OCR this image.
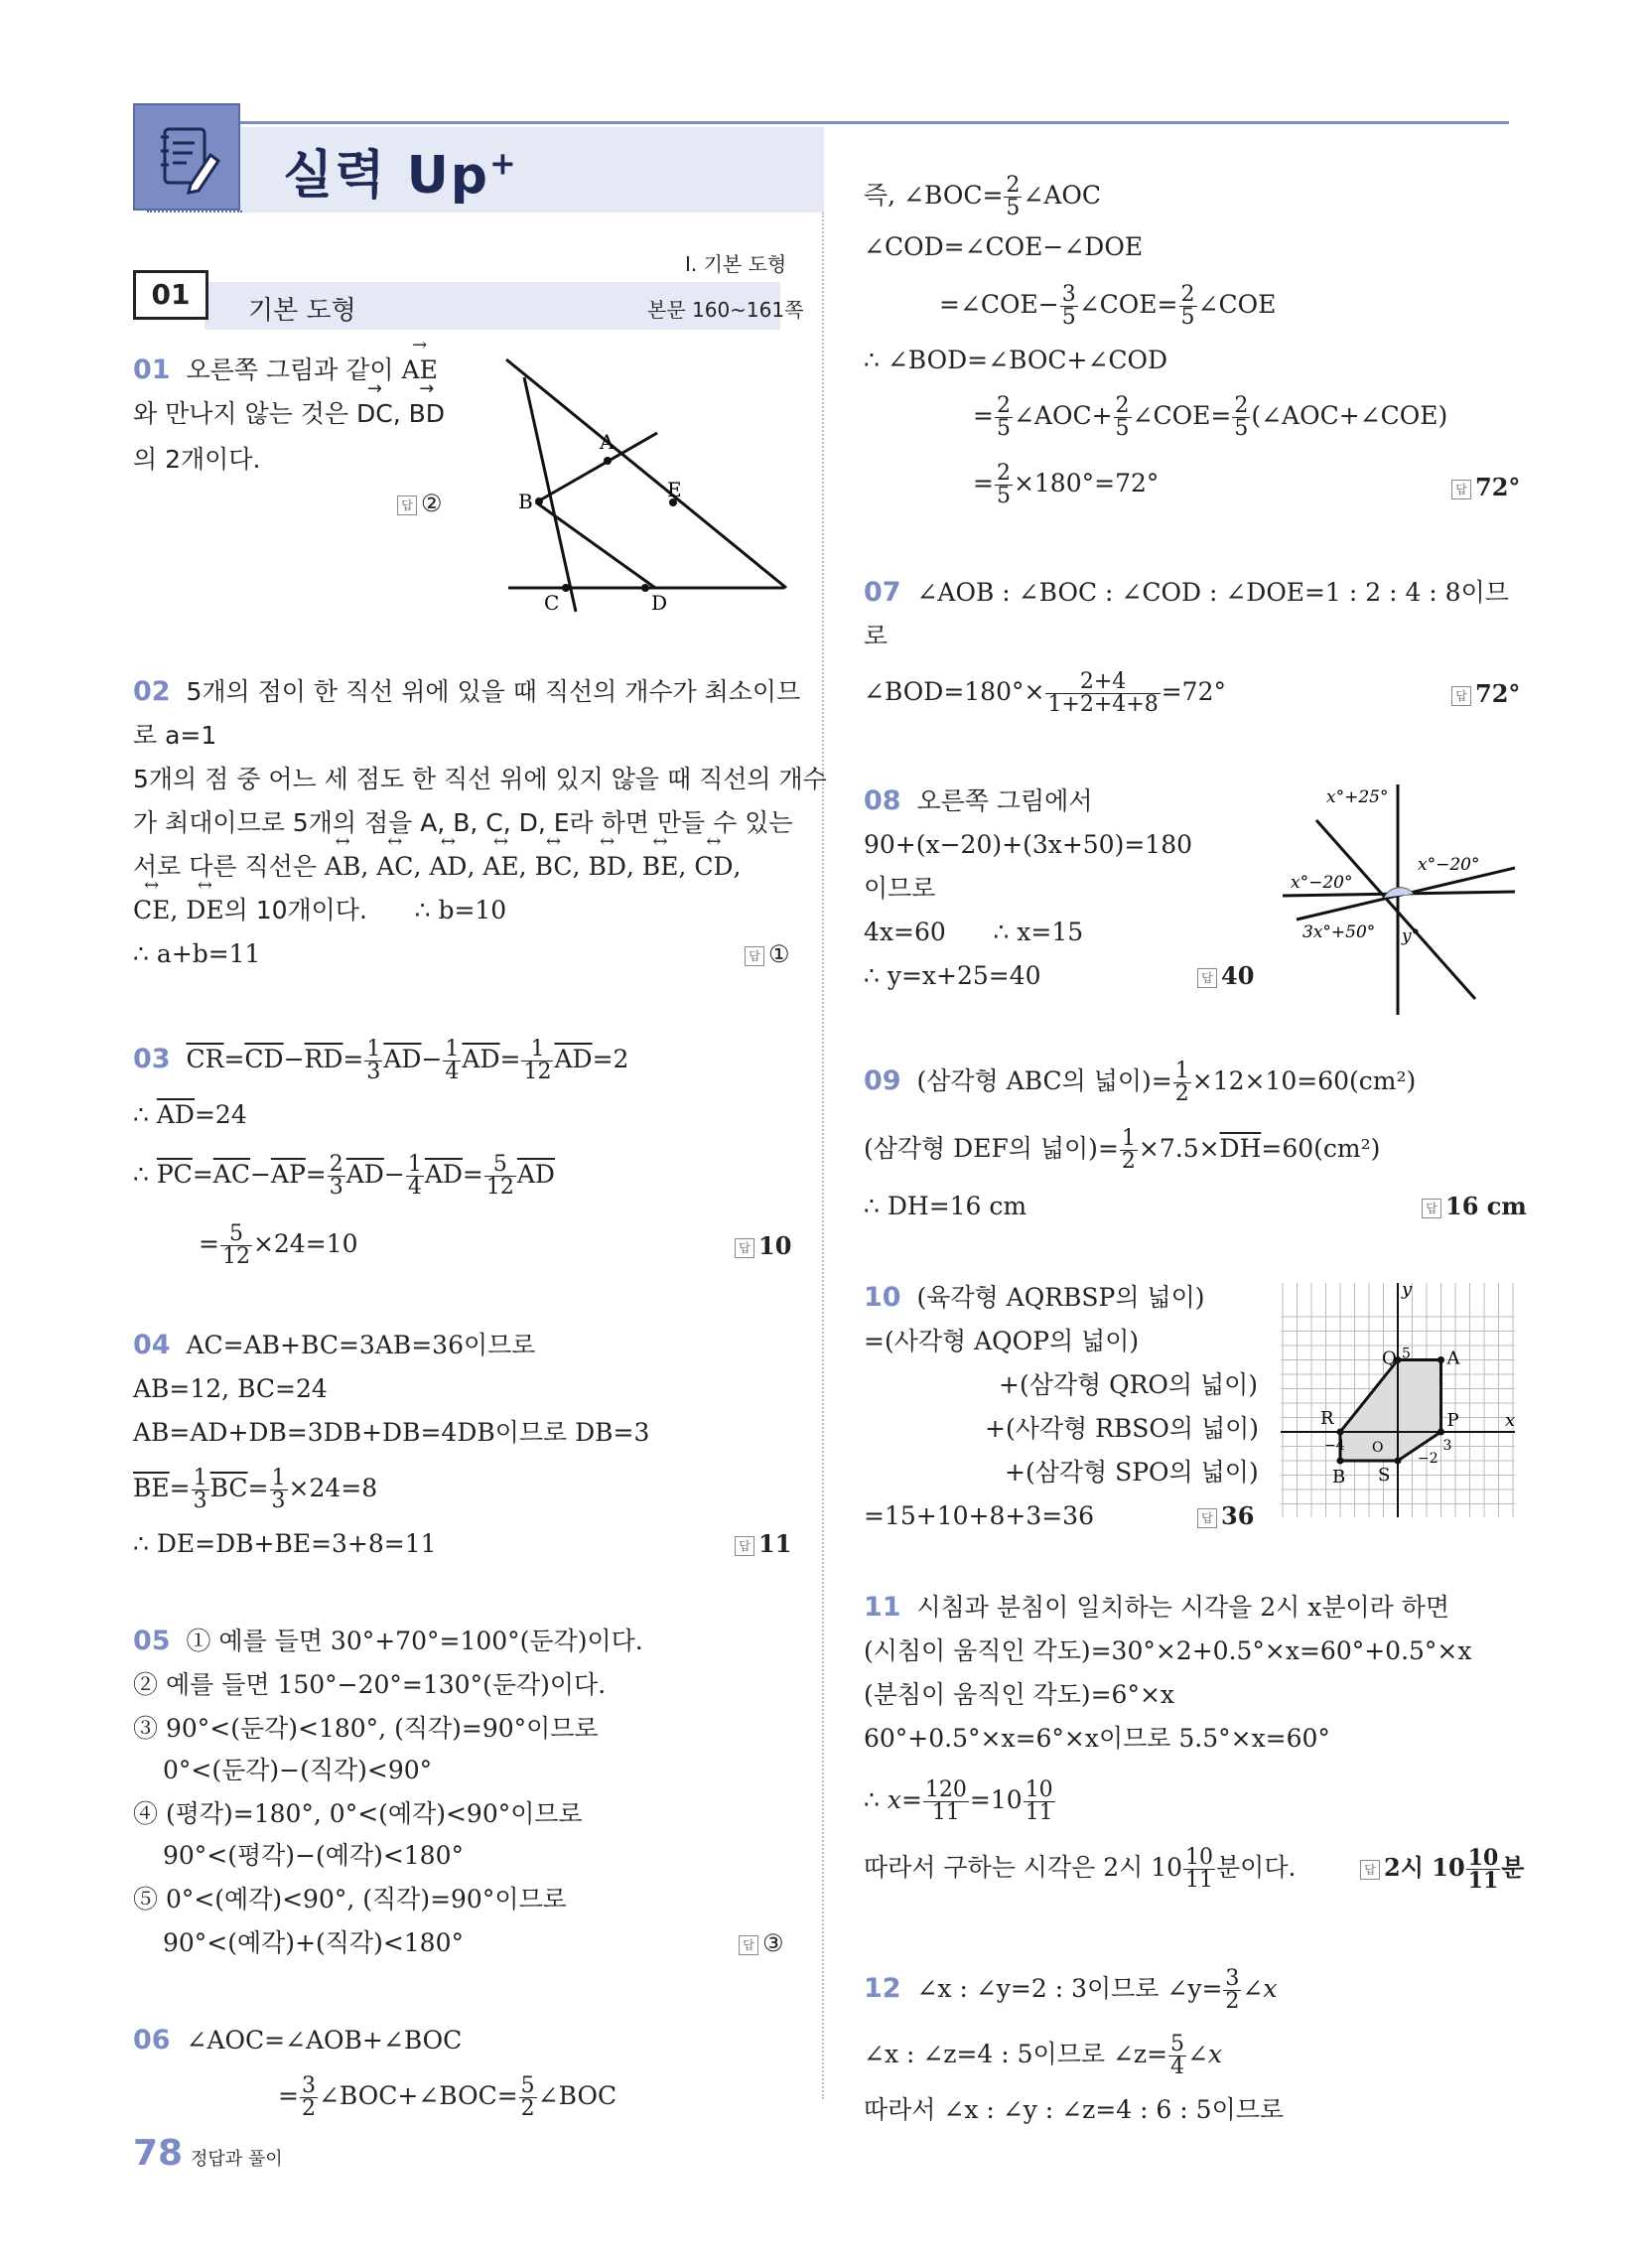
실력 Up+
Ⅰ. 기본 도형
01	기본 도형	본문 160~161쪽
01 오른쪽 그림과 같이 → AE
와 만나지 않는 것은 → DC, → BD
의 2개이다.
답 ②
A
B
C	D
E
02 5개의 점이 한 직선 위에 있을 때 직선의 개수가 최소이므
로 a=1
5개의 점 중 어느 세 점도 한 직선 위에 있지 않을 때 직선의 개수
가 최대이므로 5개의 점을 A, B, C, D, E라 하면 만들 수 있는
서로 다른 직선은 ↔ AB, ↔ AC, ↔ AD, ↔ AE, ↔ BC, ↔ BD, ↔ BE, ↔ CD,
↔ CE, ↔ DE의 10개이다. ∴ b=10
∴ a+b=11	답 ①
03 $\overline{CR}=\overline{CD}-\overline{RD}= \frac{1}{3} \overline{AD}- \frac{1}{4} \overline{AD}= \frac{1}{12} \overline{AD}=2$
∴ $\overline{AD}=24$
∴ $\overline{PC}=\overline{AC}-\overline{AP}= \frac{2}{3} \overline{AD}- \frac{1}{4} \overline{AD}= \frac{5}{12} \overline{AD}$
= $\frac{5}{12} \times 24=10$	답 10
04 AC=AB+BC=3AB=36이므로
AB=12, BC=24
AB=AD+DB=3DB+DB=4DB이므로 DB=3
$\overline{BE}= \frac{1}{3} \overline{BC}= \frac{1}{3} \times 24=8$
∴ DE=DB+BE=3+8=11	답 11
05 ① 예를 들면 30°+70°=100°(둔각)이다.
② 예를 들면 150°−20°=130°(둔각)이다.
③ 90°<(둔각)<180°, (직각)=90°이므로
0°<(둔각)−(직각)<90°
④ (평각)=180°, 0°<(예각)<90°이므로
90°<(평각)−(예각)<180°
⑤ 0°<(예각)<90°, (직각)=90°이므로
90°<(예각)+(직각)<180°	답 ③
06 ∠AOC=∠AOB+∠BOC
= $\frac{3}{2}$ ∠BOC+∠BOC= $\frac{5}{2}$ ∠BOC
78 정답과 풀이
즉, ∠BOC= $\frac{2}{5}$ ∠AOC
∠COD=∠COE−∠DOE
=∠COE− $\frac{3}{5}$ ∠COE= $\frac{2}{5}$ ∠COE
∴ ∠BOD=∠BOC+∠COD
= $\frac{2}{5}$ ∠AOC+ $\frac{2}{5}$ ∠COE= $\frac{2}{5}$ (∠AOC+∠COE)
= $\frac{2}{5} \times 180^\circ=72^\circ$	답 72°
07 ∠AOB : ∠BOC : ∠COD : ∠DOE=1 : 2 : 4 : 8이므
로
∠BOD=180°× $\frac{2+4}{1+2+4+8} =72^\circ$	답 72°
08 오른쪽 그림에서
90+(x−20)+(3x+50)=180
이므로
4x=60 ∴ x=15
∴ y=x+25=40	답 40
x°+25°
x°−20°
x°−20°
3x°+50° y°
09 (삼각형 ABC의 넓이)= $\frac{1}{2} \times 12\times 10=60(cm^2)$
(삼각형 DEF의 넓이)= $\frac{1}{2} \times 7.5\times\overline{DH}=60(cm^2)$
∴ DH=16 cm	답 16 cm
10 (육각형 AQRBSP의 넓이)
=(사각형 AQOP의 넓이)
+(삼각형 QRO의 넓이)
+(사각형 RBSO의 넓이)
+(삼각형 SPO의 넓이)
=15+10+8+3=36	답 36
A
Q
R
B S
P
5
−4	3
−2
O
x
y
11 시침과 분침이 일치하는 시각을 2시 x분이라 하면
(시침이 움직인 각도)=30°×2+0.5°×x=60°+0.5°×x
(분침이 움직인 각도)=6°×x
60°+0.5°×x=6°×x이므로 5.5°×x=60°
∴ $x= \frac{120}{11} =10 \frac{10}{11}$
따라서 구하는 시각은 2시 $10 \frac{10}{11}$ 분이다.	답 2시 $10 \frac{10}{11}$ 분
12 ∠x : ∠y=2 : 3이므로 ∠y= $\frac{3}{2}$ ∠x
∠x : ∠z=4 : 5이므로 ∠z= $\frac{5}{4}$ ∠x
따라서 ∠x : ∠y : ∠z=4 : 6 : 5이므로
